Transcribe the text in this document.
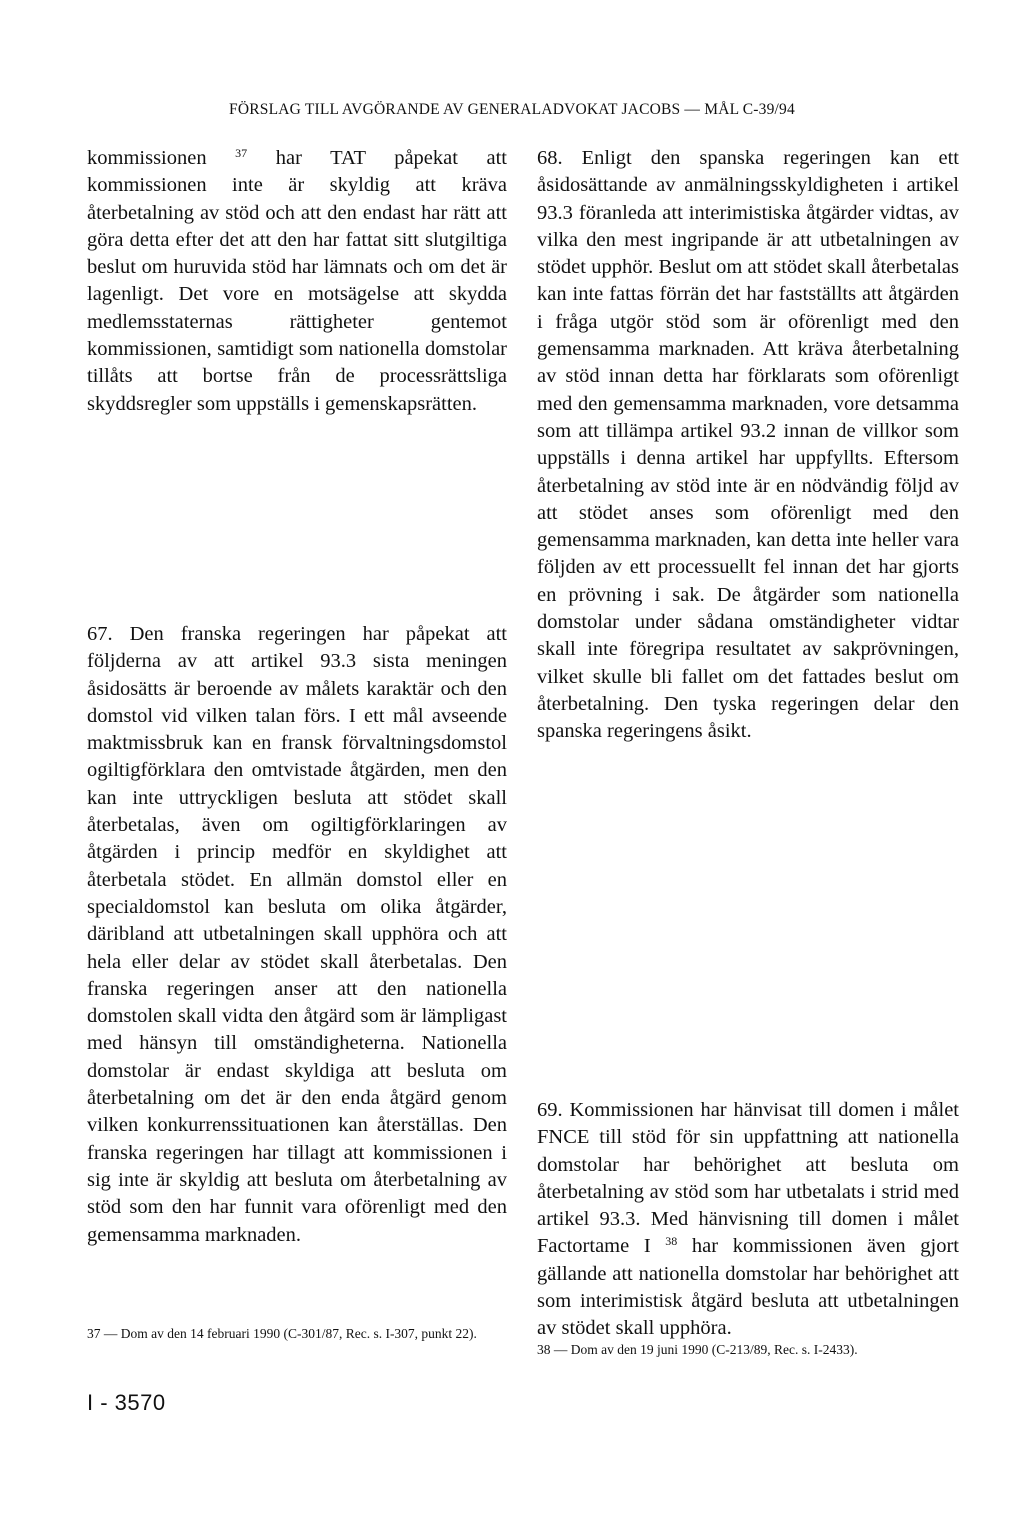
FÖRSLAG TILL AVGÖRANDE AV GENERALADVOKAT JACOBS — MÅL C-39/94

kommissionen $^{37}$ har TAT påpekat att kommissionen inte är skyldig att kräva återbetalning av stöd och att den endast har rätt att göra detta efter det att den har fattat sitt slutgiltiga beslut om huruvida stöd har lämnats och om det är lagenligt. Det vore en motsägelse att skydda medlemsstaternas rättigheter gentemot kommissionen, samtidigt som nationella domstolar tillåts att bortse från de processrättsliga skyddsregler som uppställs i gemenskapsrätten.

67. Den franska regeringen har påpekat att följderna av att artikel 93.3 sista meningen åsidosätts är beroende av målets karaktär och den domstol vid vilken talan förs. I ett mål avseende maktmissbruk kan en fransk förvaltningsdomstol ogiltigförklara den omtvistade åtgärden, men den kan inte uttryckligen besluta att stödet skall återbetalas, även om ogiltigförklaringen av åtgärden i princip medför en skyldighet att återbetala stödet. En allmän domstol eller en specialdomstol kan besluta om olika åtgärder, däribland att utbetalningen skall upphöra och att hela eller delar av stödet skall återbetalas. Den franska regeringen anser att den nationella domstolen skall vidta den åtgärd som är lämpligast med hänsyn till omständigheterna. Nationella domstolar är endast skyldiga att besluta om återbetalning om det är den enda åtgärd genom vilken konkurrenssituationen kan återställas. Den franska regeringen har tillagt att kommissionen i sig inte är skyldig att besluta om återbetalning av stöd som den har funnit vara oförenligt med den gemensamma marknaden.

68. Enligt den spanska regeringen kan ett åsidosättande av anmälningsskyldigheten i artikel 93.3 föranleda att interimistiska åtgärder vidtas, av vilka den mest ingripande är att utbetalningen av stödet upphör. Beslut om att stödet skall återbetalas kan inte fattas förrän det har fastställts att åtgärden i fråga utgör stöd som är oförenligt med den gemensamma marknaden. Att kräva återbetalning av stöd innan detta har förklarats som oförenligt med den gemensamma marknaden, vore detsamma som att tillämpa artikel 93.2 innan de villkor som uppställs i denna artikel har uppfyllts. Eftersom återbetalning av stöd inte är en nödvändig följd av att stödet anses som oförenligt med den gemensamma marknaden, kan detta inte heller vara följden av ett processuellt fel innan det har gjorts en prövning i sak. De åtgärder som nationella domstolar under sådana omständigheter vidtar skall inte föregripa resultatet av sakprövningen, vilket skulle bli fallet om det fattades beslut om återbetalning. Den tyska regeringen delar den spanska regeringens åsikt.

69. Kommissionen har hänvisat till domen i målet FNCE till stöd för sin uppfattning att nationella domstolar har behörighet att besluta om återbetalning av stöd som har utbetalats i strid med artikel 93.3. Med hänvisning till domen i målet Factortame I $^{38}$ har kommissionen även gjort gällande att nationella domstolar har behörighet att som interimistisk åtgärd besluta att utbetalningen av stödet skall upphöra.

37 — Dom av den 14 februari 1990 (C-301/87, Rec. s. I-307, punkt 22).
38 — Dom av den 19 juni 1990 (C-213/89, Rec. s. I-2433).
I - 3570
